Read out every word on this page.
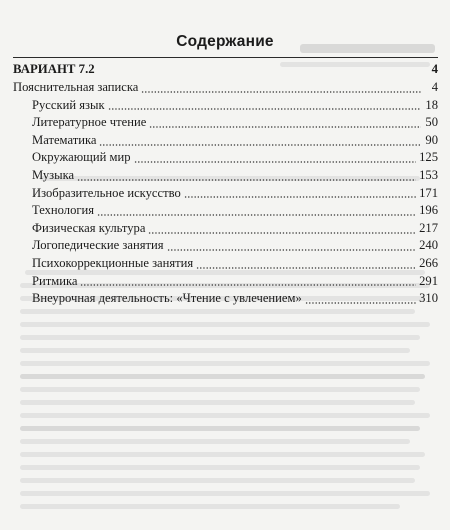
Содержание
ВАРИАНТ 7.2	4
Пояснительная записка	4
Русский язык	18
Литературное чтение	50
Математика	90
Окружающий мир	125
Музыка	153
Изобразительное искусство	171
Технология	196
Физическая культура	217
Логопедические занятия	240
Психокоррекционные занятия	266
Ритмика	291
Внеурочная деятельность: «Чтение с увлечением»	310
